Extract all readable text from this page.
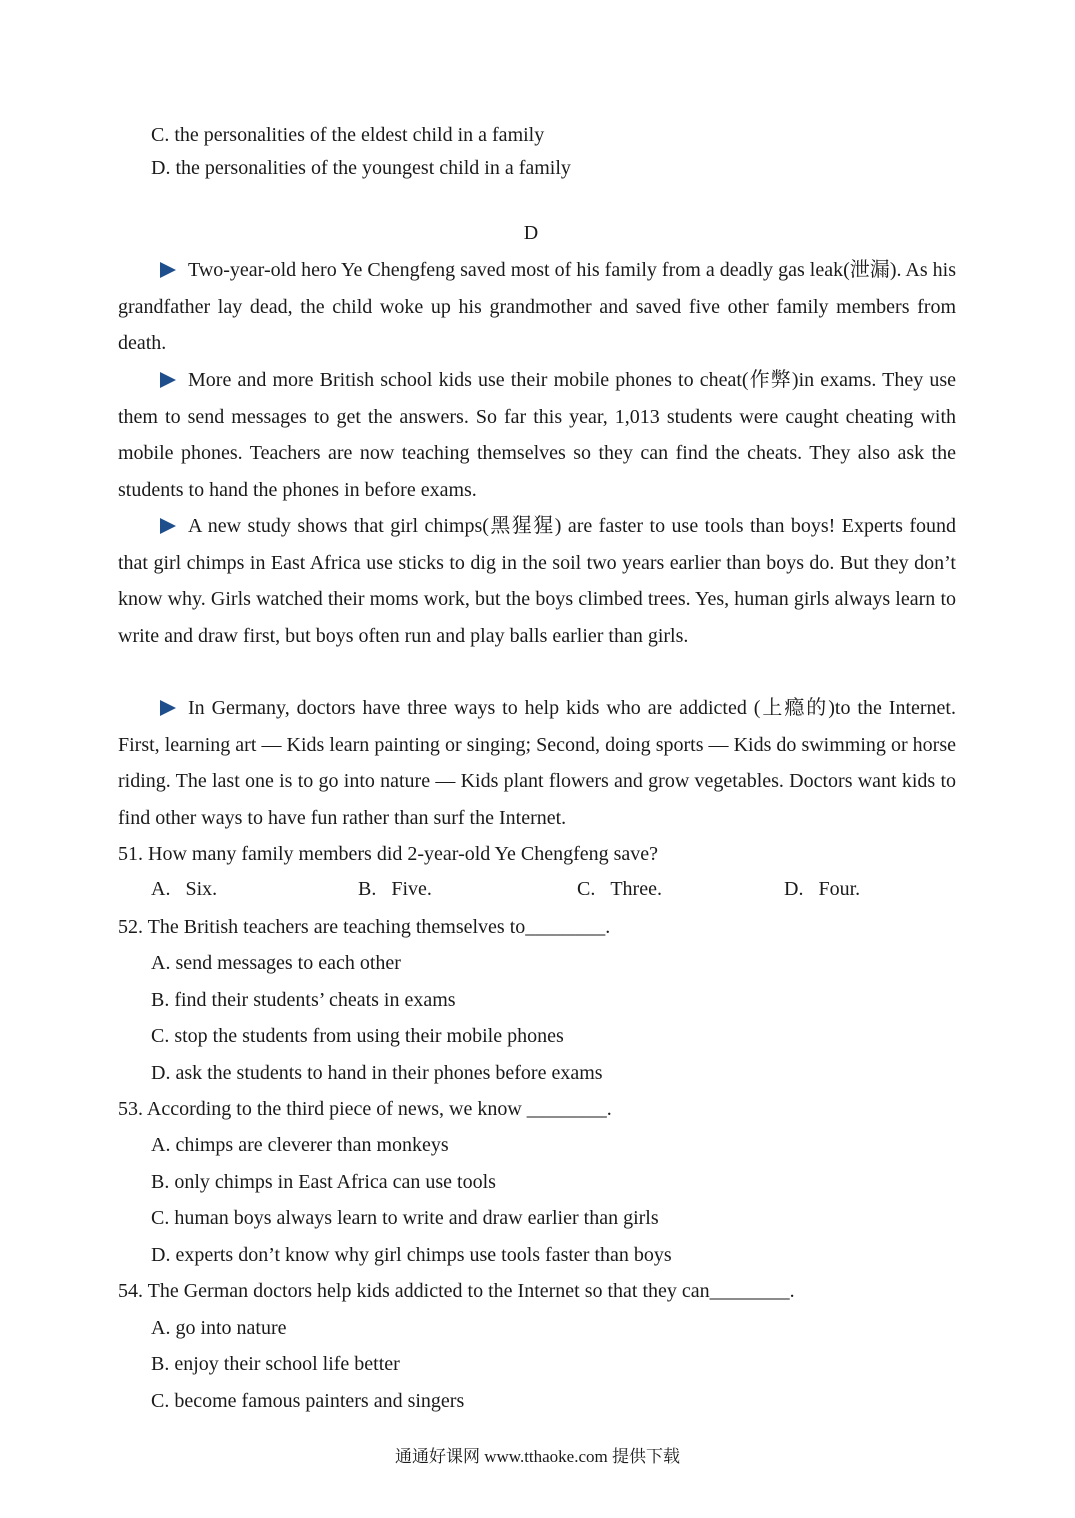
C. the personalities of the eldest child in a family
D. the personalities of the youngest child in a family
D
Two-year-old hero Ye Chengfeng saved most of his family from a deadly gas leak(泄漏). As his grandfather lay dead, the child woke up his grandmother and saved five other family members from death.
More and more British school kids use their mobile phones to cheat(作弊)in exams. They use them to send messages to get the answers. So far this year, 1,013 students were caught cheating with mobile phones. Teachers are now teaching themselves so they can find the cheats. They also ask the students to hand the phones in before exams.
A new study shows that girl chimps(黑猩猩) are faster to use tools than boys! Experts found that girl chimps in East Africa use sticks to dig in the soil two years earlier than boys do. But they don’t know why. Girls watched their moms work, but the boys climbed trees. Yes, human girls always learn to write and draw first, but boys often run and play balls earlier than girls.
In Germany, doctors have three ways to help kids who are addicted (上瘾的)to the Internet. First, learning art — Kids learn painting or singing; Second, doing sports — Kids do swimming or horse riding. The last one is to go into nature — Kids plant flowers and grow vegetables. Doctors want kids to find other ways to have fun rather than surf the Internet.
51. How many family members did 2-year-old Ye Chengfeng save?
A.   Six.	B.   Five.	C.   Three.	D.   Four.
52. The British teachers are teaching themselves to________.
A. send messages to each other
B. find their students’ cheats in exams
C. stop the students from using their mobile phones
D. ask the students to hand in their phones before exams
53. According to the third piece of news, we know ________.
A. chimps are cleverer than monkeys
B. only chimps in East Africa can use tools
C. human boys always learn to write and draw earlier than girls
D. experts don’t know why girl chimps use tools faster than boys
54. The German doctors help kids addicted to the Internet so that they can________.
A. go into nature
B. enjoy their school life better
C. become famous painters and singers
通通好课网 www.tthaoke.com 提供下载
